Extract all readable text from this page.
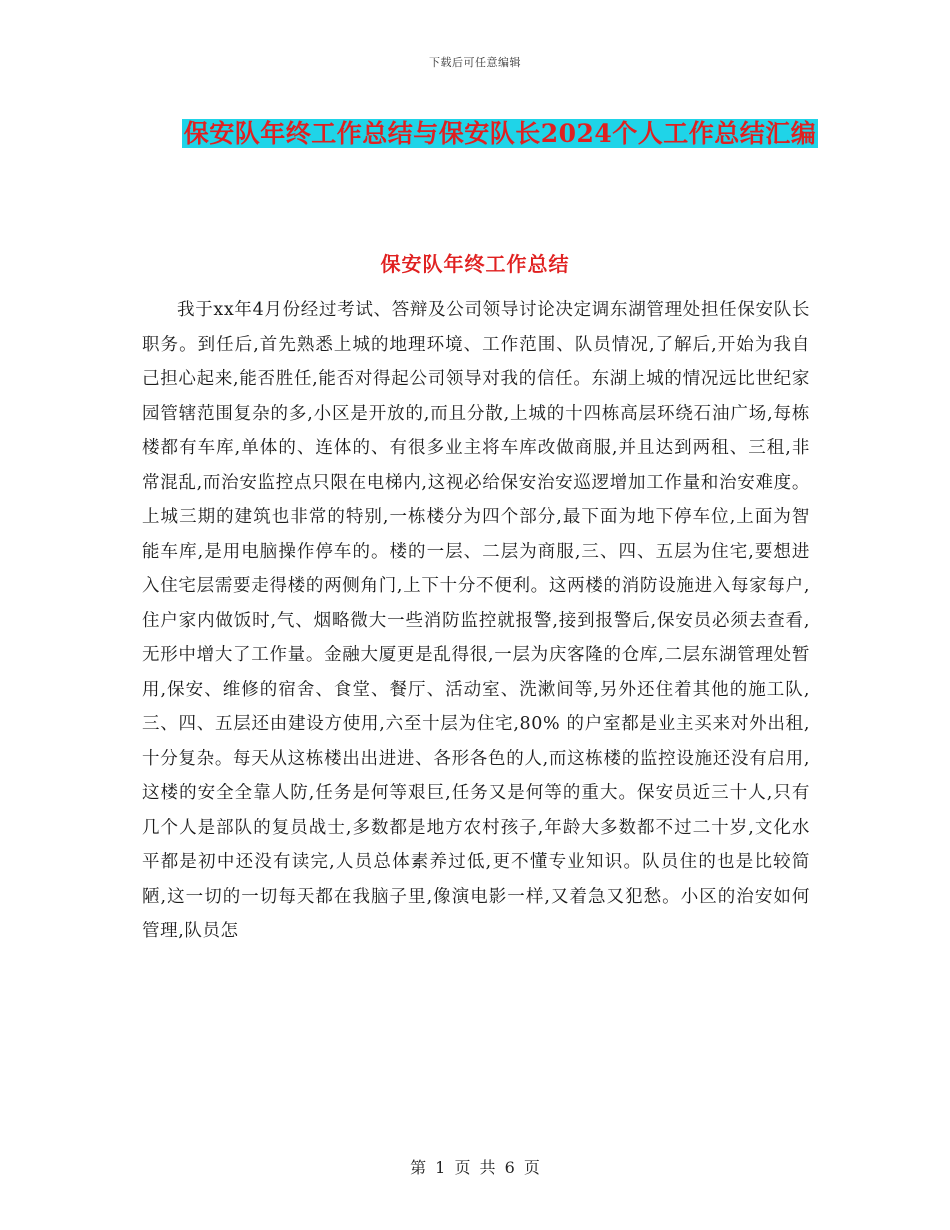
下载后可任意编辑
保安队年终工作总结与保安队长2024个人工作总结汇编
保安队年终工作总结

我于xx年4月份经过考试、答辩及公司领导讨论决定调东湖管理处担任保安队长职务。到任后,首先熟悉上城的地理环境、工作范围、队员情况,了解后,开始为我自己担心起来,能否胜任,能否对得起公司领导对我的信任。东湖上城的情况远比世纪家园管辖范围复杂的多,小区是开放的,而且分散,上城的十四栋高层环绕石油广场,每栋楼都有车库,单体的、连体的、有很多业主将车库改做商服,并且达到两租、三租,非常混乱,而治安监控点只限在电梯内,这视必给保安治安巡逻增加工作量和治安难度。上城三期的建筑也非常的特别,一栋楼分为四个部分,最下面为地下停车位,上面为智能车库,是用电脑操作停车的。楼的一层、二层为商服,三、四、五层为住宅,要想进入住宅层需要走得楼的两侧角门,上下十分不便利。这两楼的消防设施进入每家每户,住户家内做饭时,气、烟略微大一些消防监控就报警,接到报警后,保安员必须去查看,无形中增大了工作量。金融大厦更是乱得很,一层为庆客隆的仓库,二层东湖管理处暂用,保安、维修的宿舍、食堂、餐厅、活动室、洗漱间等,另外还住着其他的施工队,三、四、五层还由建设方使用,六至十层为住宅,80% 的户室都是业主买来对外出租,十分复杂。每天从这栋楼出出进进、各形各色的人,而这栋楼的监控设施还没有启用,这楼的安全全靠人防,任务是何等艰巨,任务又是何等的重大。保安员近三十人,只有几个人是部队的复员战士,多数都是地方农村孩子,年龄大多数都不过二十岁,文化水平都是初中还没有读完,人员总体素养过低,更不懂专业知识。队员住的也是比较简陋,这一切的一切每天都在我脑子里,像演电影一样,又着急又犯愁。小区的治安如何管理,队员怎

第 1 页 共 6 页
